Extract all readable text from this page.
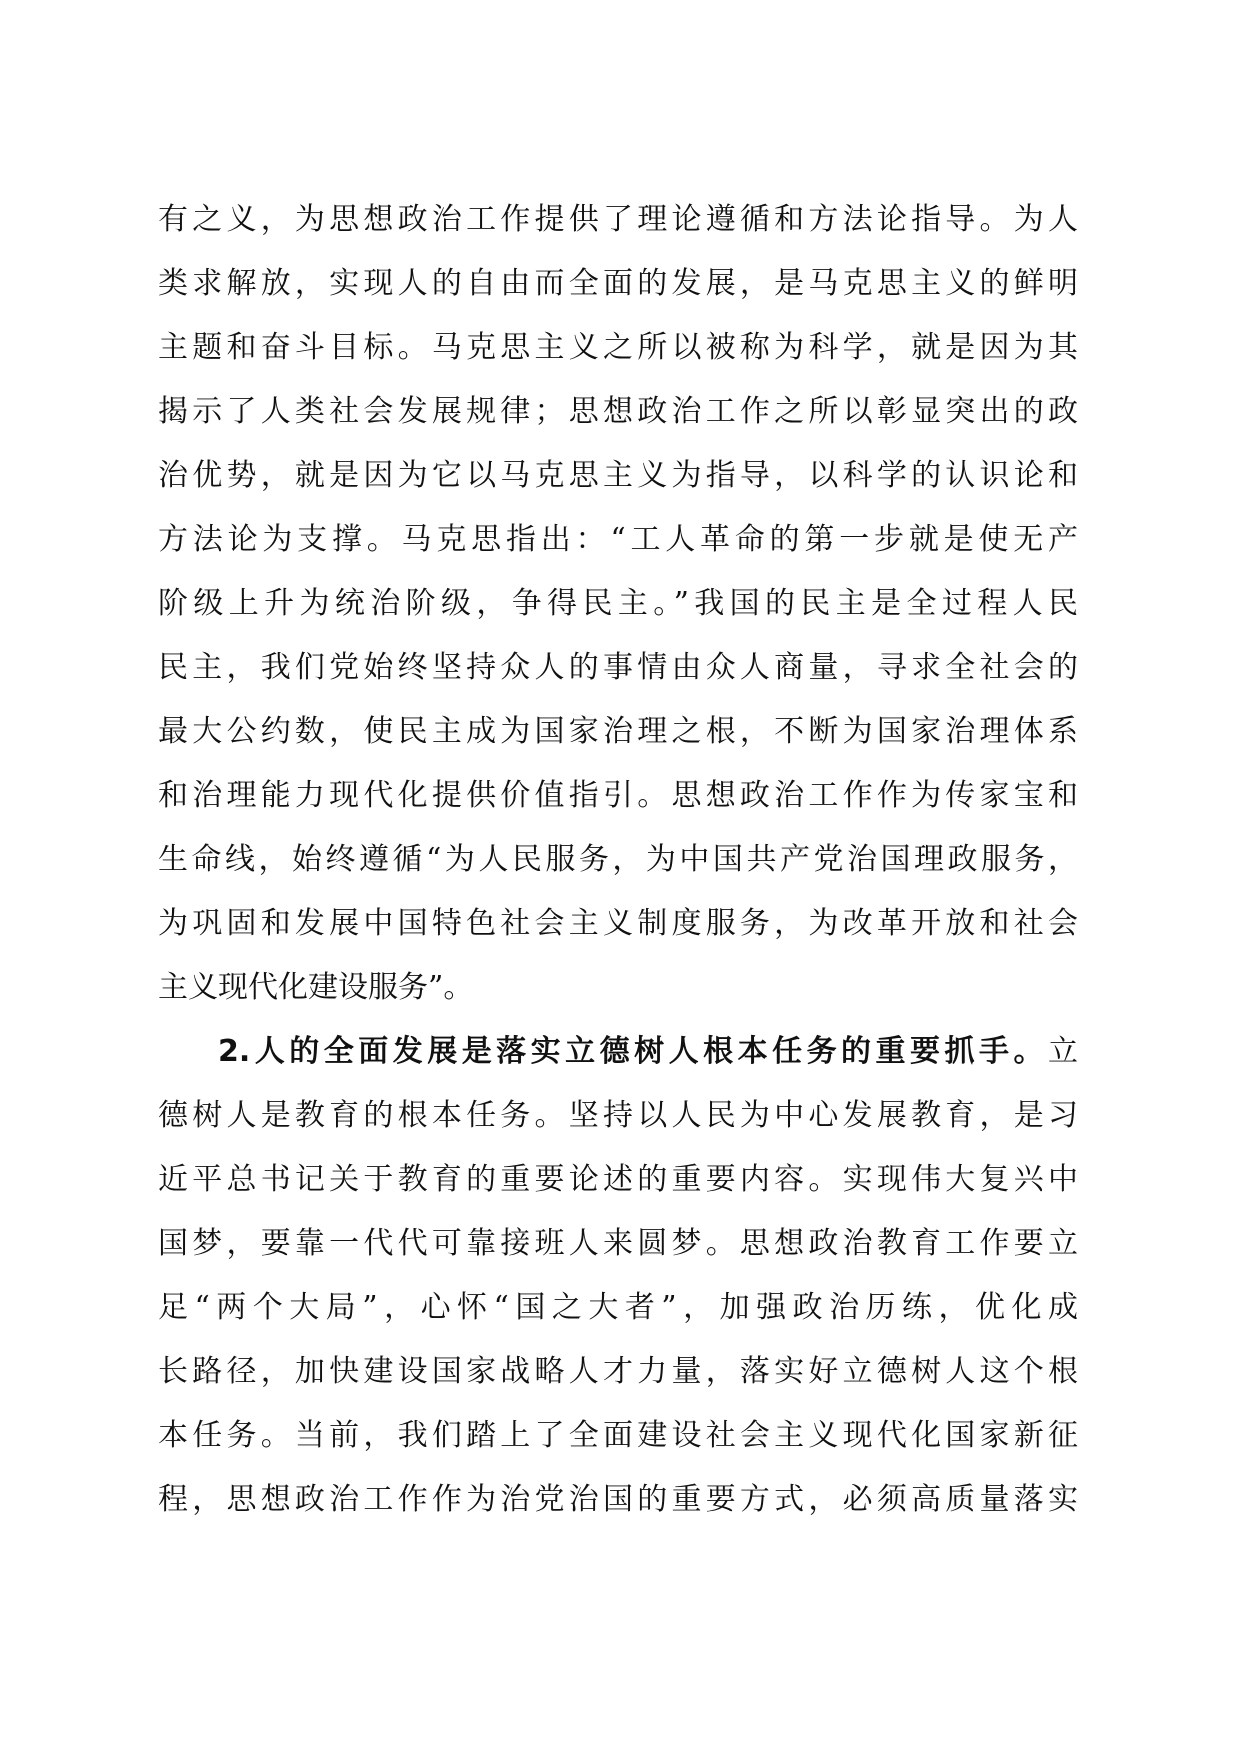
有之义，为思想政治工作提供了理论遵循和方法论指导。为人
类求解放，实现人的自由而全面的发展，是马克思主义的鲜明
主题和奋斗目标。马克思主义之所以被称为科学，就是因为其
揭示了人类社会发展规律；思想政治工作之所以彰显突出的政
治优势，就是因为它以马克思主义为指导，以科学的认识论和
方法论为支撑。马克思指出：“工人革命的第一步就是使无产
阶级上升为统治阶级，争得民主。”我国的民主是全过程人民
民主，我们党始终坚持众人的事情由众人商量，寻求全社会的
最大公约数，使民主成为国家治理之根，不断为国家治理体系
和治理能力现代化提供价值指引。思想政治工作作为传家宝和
生命线，始终遵循“为人民服务，为中国共产党治国理政服务，
为巩固和发展中国特色社会主义制度服务，为改革开放和社会
主义现代化建设服务”。
2.人的全面发展是落实立德树人根本任务的重要抓手。立
德树人是教育的根本任务。坚持以人民为中心发展教育，是习
近平总书记关于教育的重要论述的重要内容。实现伟大复兴中
国梦，要靠一代代可靠接班人来圆梦。思想政治教育工作要立
足“两个大局”，心怀“国之大者”，加强政治历练，优化成
长路径，加快建设国家战略人才力量，落实好立德树人这个根
本任务。当前，我们踏上了全面建设社会主义现代化国家新征
程，思想政治工作作为治党治国的重要方式，必须高质量落实
